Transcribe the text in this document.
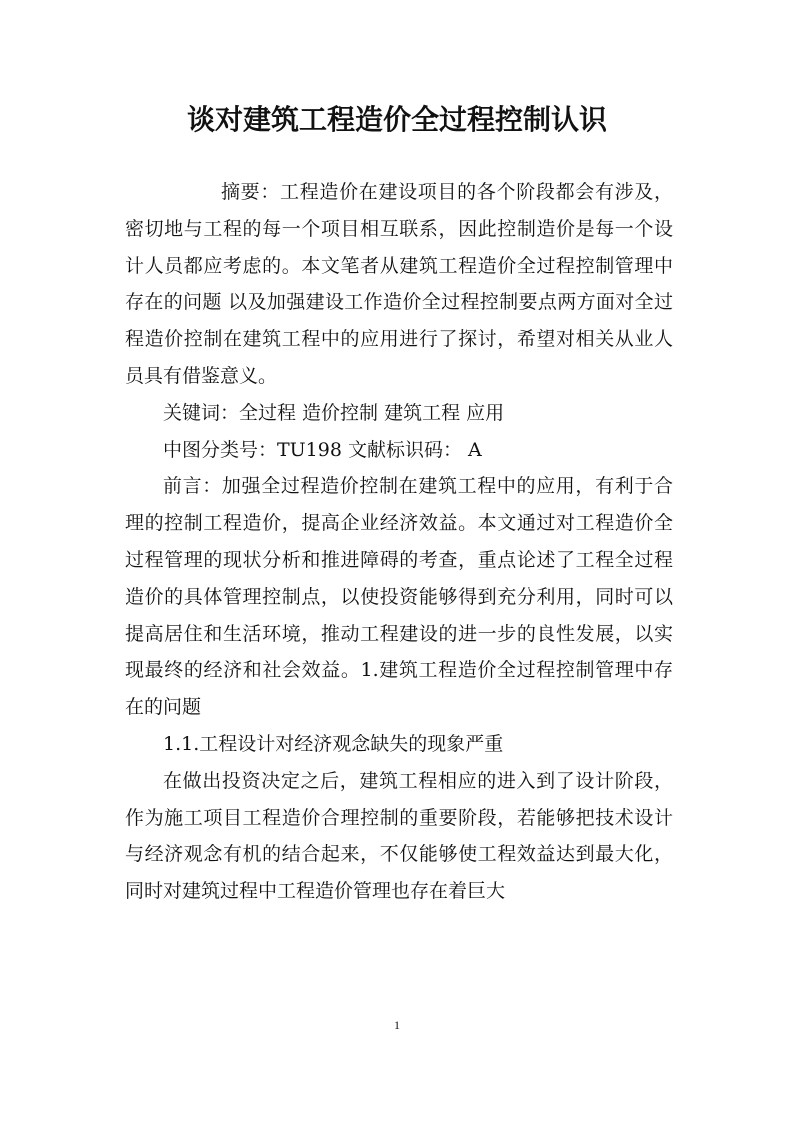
谈对建筑工程造价全过程控制认识

摘要：工程造价在建设项目的各个阶段都会有涉及，密切地与工程的每一个项目相互联系，因此控制造价是每一个设计人员都应考虑的。本文笔者从建筑工程造价全过程控制管理中存在的问题 以及加强建设工作造价全过程控制要点两方面对全过程造价控制在建筑工程中的应用进行了探讨，希望对相关从业人员具有借鉴意义。

关键词：全过程 造价控制 建筑工程 应用

中图分类号：TU198 文献标识码： A

前言：加强全过程造价控制在建筑工程中的应用，有利于合理的控制工程造价，提高企业经济效益。本文通过对工程造价全过程管理的现状分析和推进障碍的考查，重点论述了工程全过程造价的具体管理控制点，以使投资能够得到充分利用，同时可以提高居住和生活环境，推动工程建设的进一步的良性发展，以实现最终的经济和社会效益。1.建筑工程造价全过程控制管理中存在的问题

1.1.工程设计对经济观念缺失的现象严重

在做出投资决定之后，建筑工程相应的进入到了设计阶段，作为施工项目工程造价合理控制的重要阶段，若能够把技术设计与经济观念有机的结合起来，不仅能够使工程效益达到最大化，同时对建筑过程中工程造价管理也存在着巨大

1
